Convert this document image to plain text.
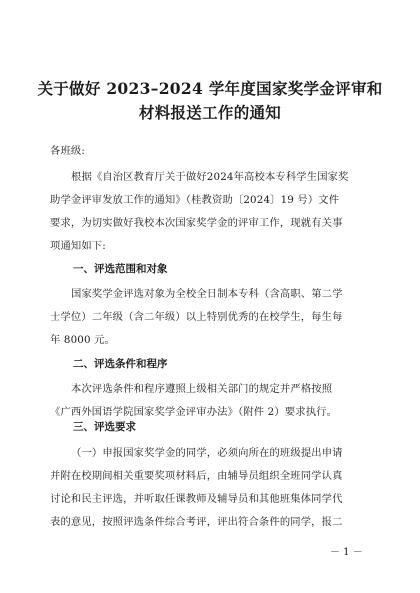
关于做好 2023–2024 学年度国家奖学金评审和
材料报送工作的通知
各班级:
根据《自治区教育厅关于做好2024年高校本专科学生国家奖
助学金评审发放工作的通知》（桂教资助〔2024〕19 号）文件
要求，为切实做好我校本次国家奖学金的评审工作，现就有关事
项通知如下:
一、评选范围和对象
国家奖学金评选对象为全校全日制本专科（含高职、第二学
士学位）二年级（含二年级）以上特别优秀的在校学生，每生每
年 8000 元。
二、评选条件和程序
本次评选条件和程序遵照上级相关部门的规定并严格按照
《广西外国语学院国家奖学金评审办法》（附件 2）要求执行。
三、评选要求
（一）申报国家奖学金的同学，必须向所在的班级提出申请
并附在校期间相关重要奖项材料后，由辅导员组织全班同学认真
讨论和民主评选，并听取任课教师及辅导员和其他班集体同学代
表的意见，按照评选条件综合考评，评出符合条件的同学，报二
－ 1 －
